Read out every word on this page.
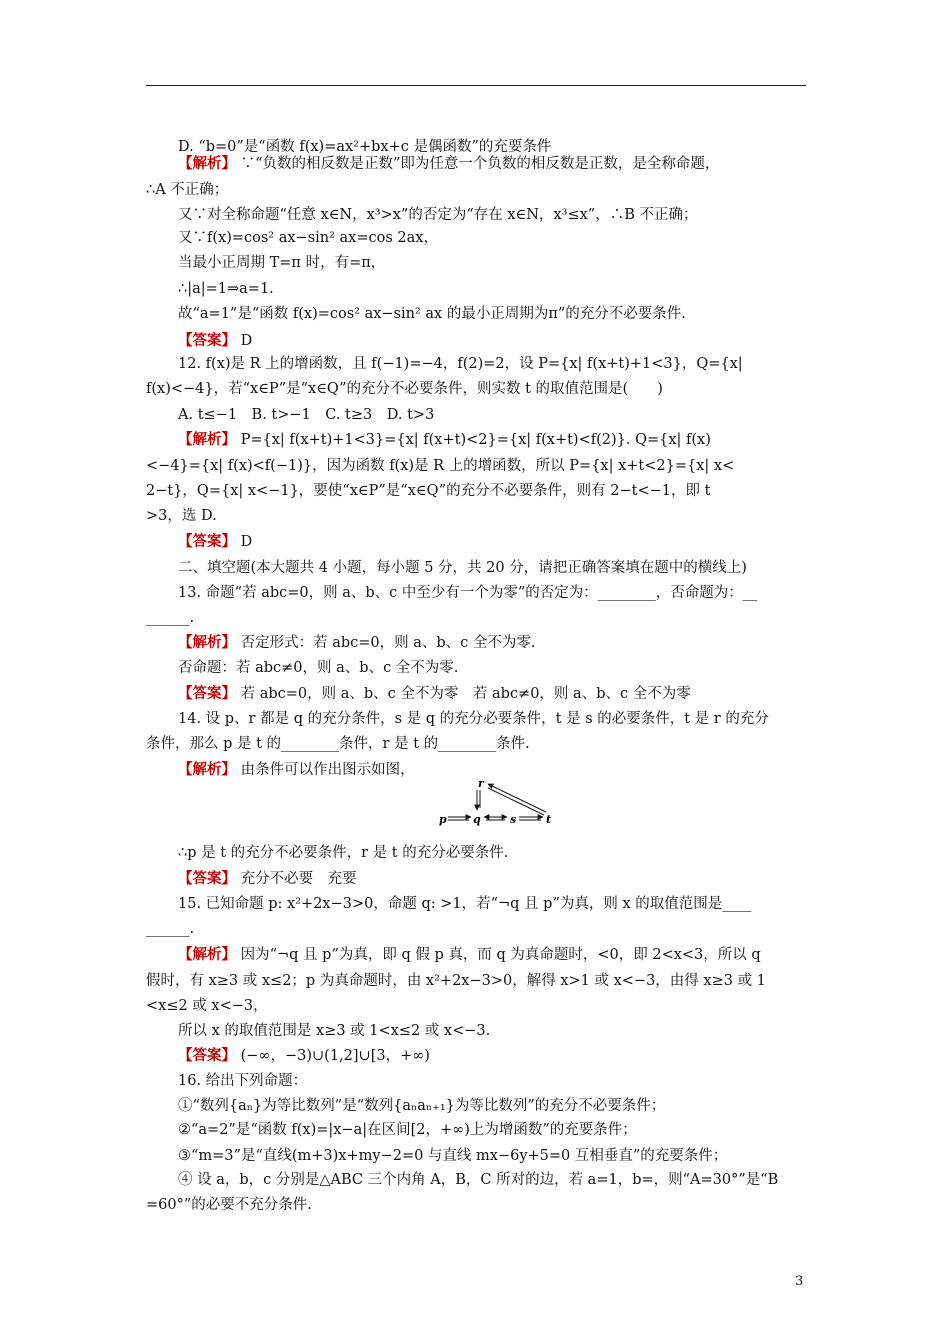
D. “b=0”是“函数 f(x)=ax²+bx+c 是偶函数”的充要条件
【解析】 ∵“负数的相反数是正数”即为任意一个负数的相反数是正数，是全称命题，
∴A 不正确；
又∵对全称命题“任意 x∈N，x³>x”的否定为“存在 x∈N，x³≤x”，∴B 不正确；
又∵f(x)=cos² ax−sin² ax=cos 2ax，
当最小正周期 T=π 时，有=π，
∴|a|=1⇒a=1.
故“a=1”是“函数 f(x)=cos² ax−sin² ax 的最小正周期为π”的充分不必要条件.
【答案】 D
12. f(x)是 R 上的增函数，且 f(−1)=−4，f(2)=2，设 P={x| f(x+t)+1<3}，Q={x|
f(x)<−4}，若“x∈P”是“x∈Q”的充分不必要条件，则实数 t 的取值范围是(　　)
A. t≤−1　B. t>−1　C. t≥3　D. t>3
【解析】 P={x| f(x+t)+1<3}={x| f(x+t)<2}={x| f(x+t)<f(2)}. Q={x| f(x)
<−4}={x| f(x)<f(−1)}，因为函数 f(x)是 R 上的增函数，所以 P={x| x+t<2}={x| x<
2−t}，Q={x| x<−1}，要使“x∈P”是“x∈Q”的充分不必要条件，则有 2−t<−1，即 t
>3，选 D.
【答案】 D
二、填空题(本大题共 4 小题，每小题 5 分，共 20 分，请把正确答案填在题中的横线上)
13. 命题“若 abc=0，则 a、b、c 中至少有一个为零”的否定为：________，否命题为：__
______.
【解析】 否定形式：若 abc=0，则 a、b、c 全不为零.
否命题：若 abc≠0，则 a、b、c 全不为零.
【答案】 若 abc=0，则 a、b、c 全不为零　若 abc≠0，则 a、b、c 全不为零
14. 设 p、r 都是 q 的充分条件，s 是 q 的充分必要条件，t 是 s 的必要条件，t 是 r 的充分
条件，那么 p 是 t 的________条件，r 是 t 的________条件.
【解析】 由条件可以作出图示如图，
∴p 是 t 的充分不必要条件，r 是 t 的充分必要条件.
【答案】 充分不必要　充要
15. 已知命题 p: x²+2x−3>0，命题 q: >1，若“¬q 且 p”为真，则 x 的取值范围是____
______.
【解析】 因为“¬q 且 p”为真，即 q 假 p 真，而 q 为真命题时，<0，即 2<x<3，所以 q
假时，有 x≥3 或 x≤2；p 为真命题时，由 x²+2x−3>0，解得 x>1 或 x<−3，由得 x≥3 或 1
<x≤2 或 x<−3，
所以 x 的取值范围是 x≥3 或 1<x≤2 或 x<−3.
【答案】 (−∞，−3)∪(1,2]∪[3，+∞)
16. 给出下列命题：
①“数列{aₙ}为等比数列”是“数列{aₙaₙ₊₁}为等比数列”的充分不必要条件；
②“a=2”是“函数 f(x)=|x−a|在区间[2，+∞)上为增函数”的充要条件；
③“m=3”是“直线(m+3)x+my−2=0 与直线 mx−6y+5=0 互相垂直”的充要条件；
④ 设 a，b，c 分别是△ABC 三个内角 A，B，C 所对的边，若 a=1，b=，则“A=30°”是“B
=60°”的必要不充分条件.
r
p q	s	t
3
